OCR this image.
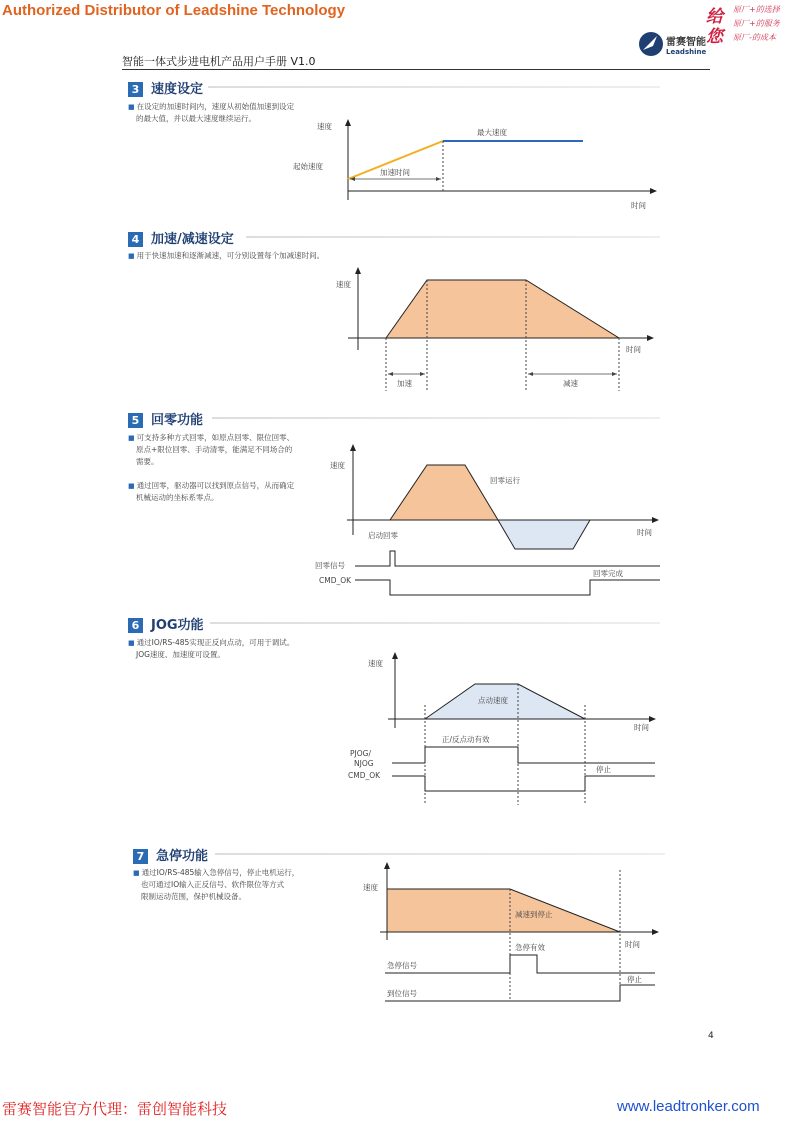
Authorized Distributor of Leadshine Technology
智能一体式步进电机产品用户手册 V1.0
雷赛智能
Leadshine
给
您
原厂+的选择
原厂+的服务
原厂-的成本
3 速度设定
■ 在设定的加速时间内，速度从初始值加速到设定
的最大值，并以最大速度继续运行。
速度
起始速度
最大速度
加速时间
时间
4 加速/减速设定
■ 用于快速加速和逐渐减速，可分别设置每个加减速时间。
速度
时间
加速	减速
5 回零功能
■ 可支持多种方式回零，如原点回零、限位回零、
原点+限位回零、手动清零，能满足不同场合的
需要。
■ 通过回零，驱动器可以找到原点信号，从而确定
机械运动的坐标系零点。
速度
回零运行
时间
启动回零
回零信号
CMD_OK
回零完成
6 JOG功能
■ 通过IO/RS-485实现正反向点动，可用于调试。
JOG速度、加速度可设置。
速度
点动速度
时间
正/反点动有效
PJOG/
NJOG
CMD_OK
停止
7 急停功能
■ 通过IO/RS-485输入急停信号，停止电机运行，
也可通过IO输入正反信号、软件限位等方式
限制运动范围，保护机械设备。
速度
减速到停止
时间
急停有效
急停信号
停止
到位信号
4
雷赛智能官方代理：雷创智能科技	www.leadtronker.com
